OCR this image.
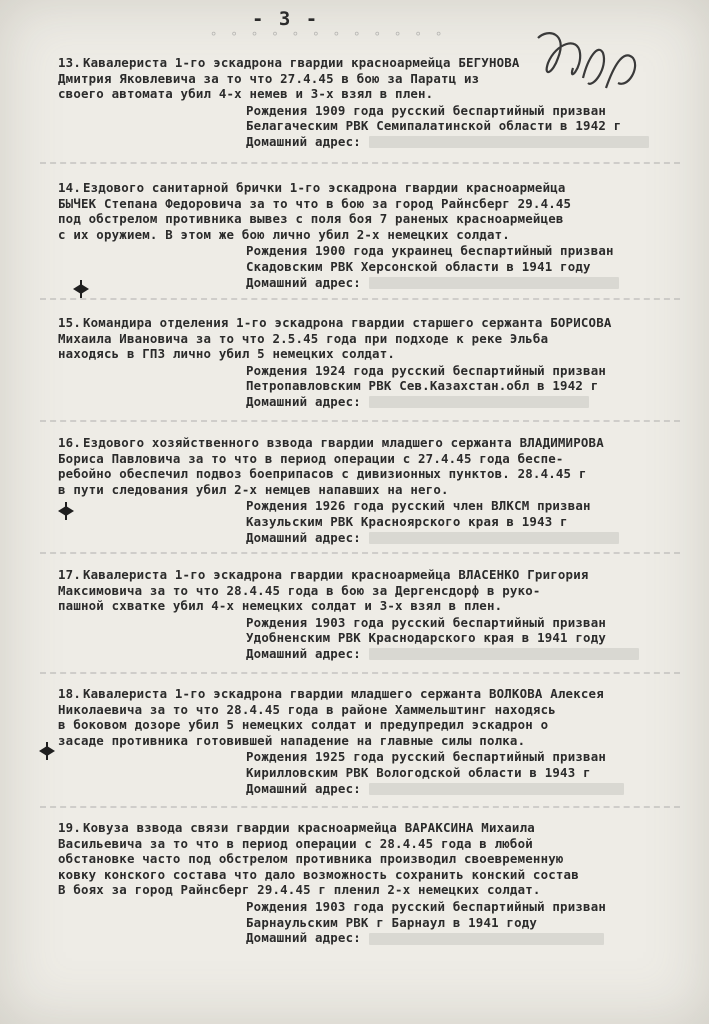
- 3 -
° ° ° ° ° ° ° ° ° ° ° °

13. Кавалериста 1-го эскадрона гвардии красноармейца БЕГУНОВА
Дмитрия Яковлевича за то что 27.4.45 в бою за Паратц из
своего автомата убил 4-х немев и 3-х взял в плен.

Рождения 1909 года русский беспартийный призван
Белагаческим РВК Семипалатинской области в 1942 г
Домашний адрес:

14. Ездового санитарной брички 1-го эскадрона гвардии красноармейца
БЫЧЕК Степана Федоровича за то что в бою за город Райнсберг 29.4.45
под обстрелом противника вывез с поля боя 7 раненых красноармейцев
с их оружием. В этом же бою лично убил 2-х немецких солдат.

Рождения 1900 года украинец беспартийный призван
Скадовским РВК Херсонской области в 1941 году
Домашний адрес:

15. Командира отделения 1-го эскадрона гвардии старшего сержанта БОРИСОВА
Михаила Ивановича за то что 2.5.45 года при подходе к реке Эльба
находясь в ГПЗ лично убил 5 немецких солдат.

Рождения 1924 года русский беспартийный призван
Петропавловским РВК Сев.Казахстан.обл в 1942 г
Домашний адрес:

16. Ездового хозяйственного взвода гвардии младшего сержанта ВЛАДИМИРОВА
Бориса Павловича за то что в период операции с 27.4.45 года беспе-
ребойно обеспечил подвоз боеприпасов с дивизионных пунктов. 28.4.45 г
в пути следования убил 2-х немцев напавших на него.

Рождения 1926 года русский член ВЛКСМ призван
Казульским РВК Красноярского края в 1943 г
Домашний адрес:

17. Кавалериста 1-го эскадрона гвардии красноармейца ВЛАСЕНКО Григория
Максимовича за то что 28.4.45 года в бою за Дергенсдорф в руко-
пашной схватке убил 4-х немецких солдат и 3-х взял в плен.

Рождения 1903 года русский беспартийный призван
Удобненским РВК Краснодарского края в 1941 году
Домашний адрес:

18. Кавалериста 1-го эскадрона гвардии младшего сержанта ВОЛКОВА Алексея
Николаевича за то что 28.4.45 года в районе Хаммельштинг находясь
в боковом дозоре убил 5 немецких солдат и предупредил эскадрон о
засаде противника готовившей нападение на главные силы полка.

Рождения 1925 года русский беспартийный призван
Кирилловским РВК Вологодской области в 1943 г
Домашний адрес:

19. Ковуза взвода связи гвардии красноармейца ВАРАКСИНА Михаила
Васильевича за то что в период операции с 28.4.45 года в любой
обстановке часто под обстрелом противника производил своевременную
ковку конского состава что дало возможность сохранить конский состав
В боях за город Райнсберг 29.4.45 г пленил 2-х немецких солдат.

Рождения 1903 года русский беспартийный призван
Барнаульским РВК г Барнаул в 1941 году
Домашний адрес:
